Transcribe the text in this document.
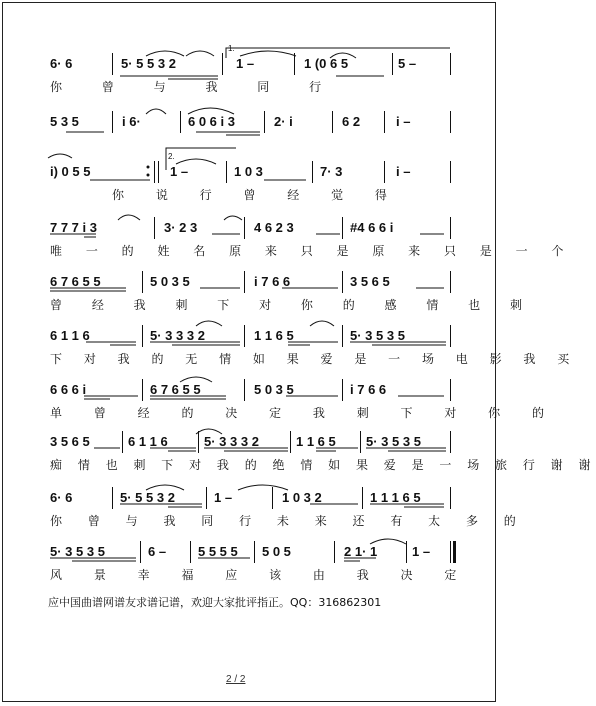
6· 6	5· 5 5 3 2
1.
1 –	1 (0 6 5	5 –
你 曾 与 我 同 行
5 3 5	i 6·	6 0 6 i 3	2· i	6 2	i –
i) 0 5 5
2.
1 –	1 0 3	7· 3	i –
你 说 行 曾 经 觉 得
7 7 7 i 3	3· 2 3	4 6 2 3	#4 6 6 i
唯 一 的 姓 名 原 来 只 是 原 来 只 是 一 个
6 7 6 5 5	5 0 3 5	i 7 6 6	3 5 6 5
曾 经 我 刺 下 对 你 的 感 情 也 刺
6 1 1 6	5· 3 3 3 2	1 1 6 5	5· 3 5 3 5
下 对 我 的 无 情 如 果 爱 是 一 场 电 影 我 买
6 6 6 i	6 7 6 5 5	5 0 3 5	i 7 6 6
单 曾 经 的 决 定 我 刺 下 对 你 的
3 5 6 5	6 1 1 6	5· 3 3 3 2	1 1 6 5 5· 3 5 3 5
痴 情 也 刺 下 对 我 的 绝 情 如 果 爱 是 一 场 旅 行 谢 谢
6· 6	5· 5 5 3 2	1 –	1 0 3 2	1 1 1 6 5
你 曾 与 我 同 行 未 来 还 有 太 多 的
5· 3 5 3 5	6 – 5 5 5 5 5 0 5	2 1· 1	1 –
风 景 幸 福 应 该 由 我 决 定
应中国曲谱网谱友求谱记谱，欢迎大家批评指正。QQ：316862301
2 / 2
